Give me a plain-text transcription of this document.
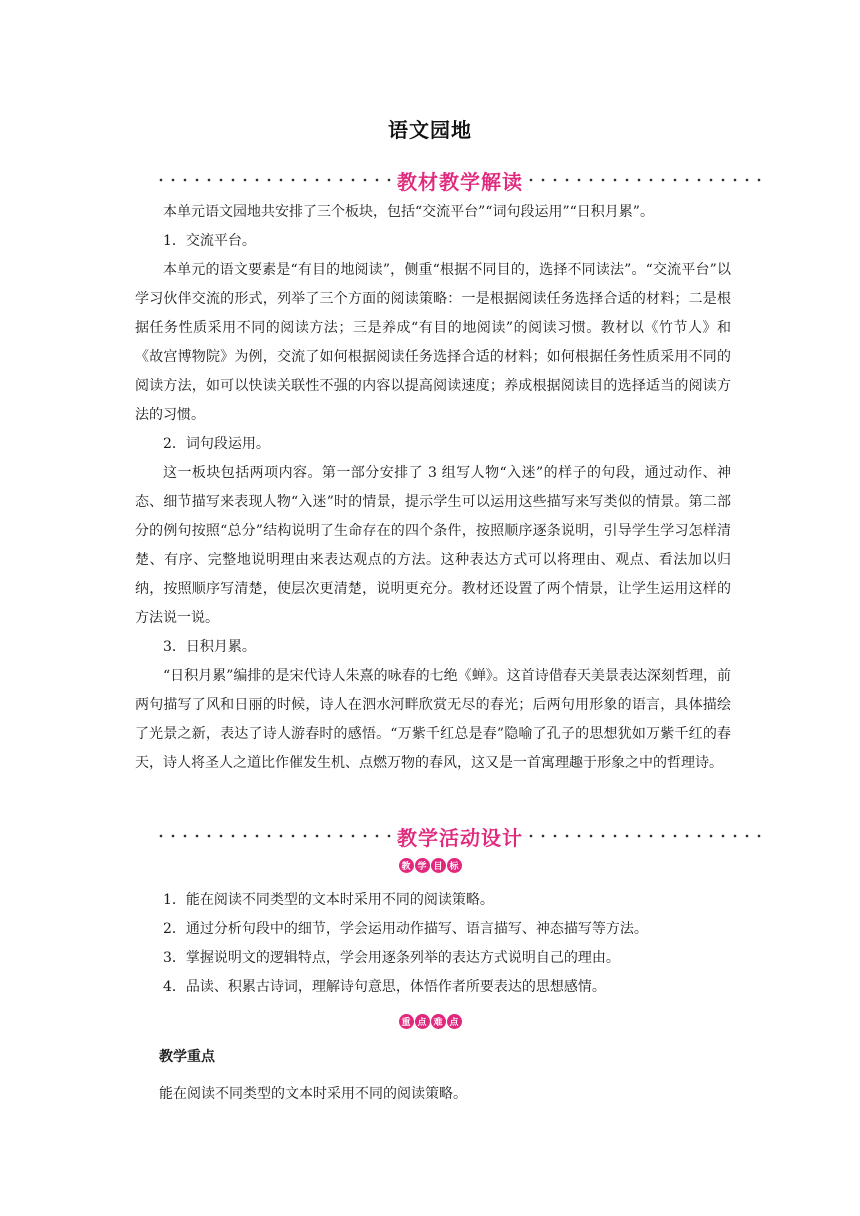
语文园地
教材教学解读

本单元语文园地共安排了三个板块，包括“交流平台”“词句段运用”“日积月累”。

1．交流平台。

本单元的语文要素是“有目的地阅读”，侧重“根据不同目的，选择不同读法”。“交流平台”以学习伙伴交流的形式，列举了三个方面的阅读策略：一是根据阅读任务选择合适的材料；二是根据任务性质采用不同的阅读方法；三是养成“有目的地阅读”的阅读习惯。教材以《竹节人》和《故宫博物院》为例，交流了如何根据阅读任务选择合适的材料；如何根据任务性质采用不同的阅读方法，如可以快读关联性不强的内容以提高阅读速度；养成根据阅读目的选择适当的阅读方法的习惯。

2．词句段运用。

这一板块包括两项内容。第一部分安排了 3 组写人物“入迷”的样子的句段，通过动作、神态、细节描写来表现人物“入迷”时的情景，提示学生可以运用这些描写来写类似的情景。第二部分的例句按照“总分”结构说明了生命存在的四个条件，按照顺序逐条说明，引导学生学习怎样清楚、有序、完整地说明理由来表达观点的方法。这种表达方式可以将理由、观点、看法加以归纳，按照顺序写清楚，使层次更清楚，说明更充分。教材还设置了两个情景，让学生运用这样的方法说一说。

3．日积月累。

“日积月累”编排的是宋代诗人朱熹的咏春的七绝《蝉》。这首诗借春天美景表达深刻哲理，前两句描写了风和日丽的时候，诗人在泗水河畔欣赏无尽的春光；后两句用形象的语言，具体描绘了光景之新，表达了诗人游春时的感悟。“万紫千红总是春”隐喻了孔子的思想犹如万紫千红的春天，诗人将圣人之道比作催发生机、点燃万物的春风，这又是一首寓理趣于形象之中的哲理诗。

教学活动设计
教 学 目 标

1．能在阅读不同类型的文本时采用不同的阅读策略。

2．通过分析句段中的细节，学会运用动作描写、语言描写、神态描写等方法。

3．掌握说明文的逻辑特点，学会用逐条列举的表达方式说明自己的理由。

4．品读、积累古诗词，理解诗句意思，体悟作者所要表达的思想感情。

重 点 难 点
教学重点
能在阅读不同类型的文本时采用不同的阅读策略。
